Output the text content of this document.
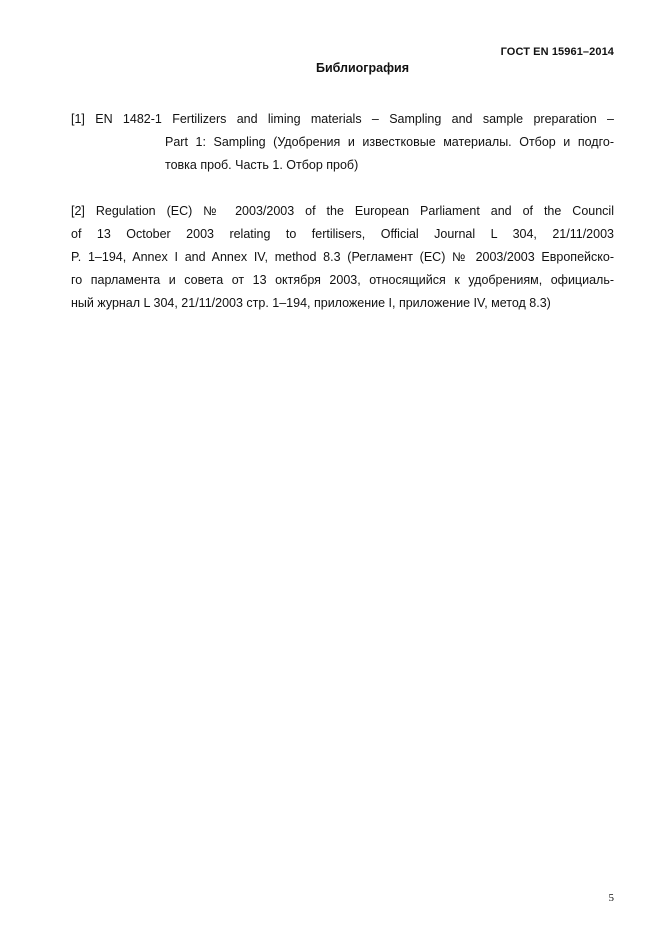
ГОСТ EN 15961–2014
Библиография
[1] EN 1482-1 Fertilizers and liming materials – Sampling and sample preparation –
Part 1: Sampling (Удобрения и известковые материалы. Отбор и подго-
товка проб. Часть 1. Отбор проб)
[2] Regulation (EC) № 2003/2003 of the European Parliament and of the Council
of 13 October 2003 relating to fertilisers, Official Journal L 304, 21/11/2003
P. 1–194, Annex I and Annex IV, method 8.3 (Регламент (EC) № 2003/2003 Европейско-
го парламента и совета от 13 октября 2003, относящийся к удобрениям, официаль-
ный журнал L 304, 21/11/2003 стр. 1–194, приложение I, приложение IV, метод 8.3)
5
